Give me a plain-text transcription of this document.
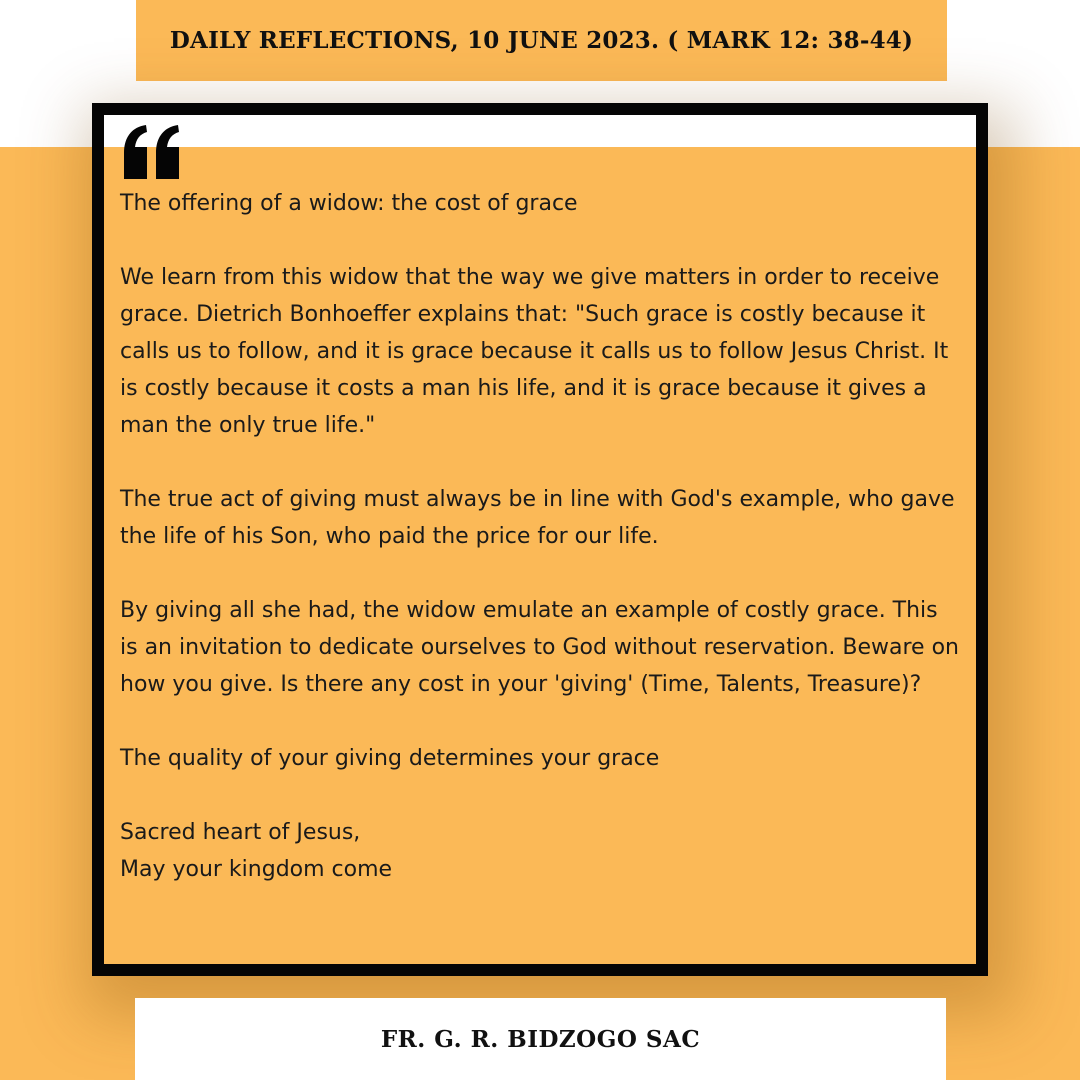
DAILY REFLECTIONS, 10 JUNE 2023. ( MARK 12: 38-44)
The offering of a widow: the cost of grace

We learn from this widow that the way we give matters in order to receive grace. Dietrich Bonhoeffer explains that: "Such grace is costly because it calls us to follow, and it is grace because it calls us to follow Jesus Christ. It is costly because it costs a man his life, and it is grace because it gives a man the only true life."

The true act of giving must always be in line with God's example, who gave the life of his Son, who paid the price for our life.

By giving all she had, the widow emulate an example of costly grace. This is an invitation to dedicate ourselves to God without reservation. Beware on how you give. Is there any cost in your 'giving' (Time, Talents, Treasure)?

The quality of your giving determines your grace

Sacred heart of Jesus,
May your kingdom come
FR. G. R. BIDZOGO SAC
